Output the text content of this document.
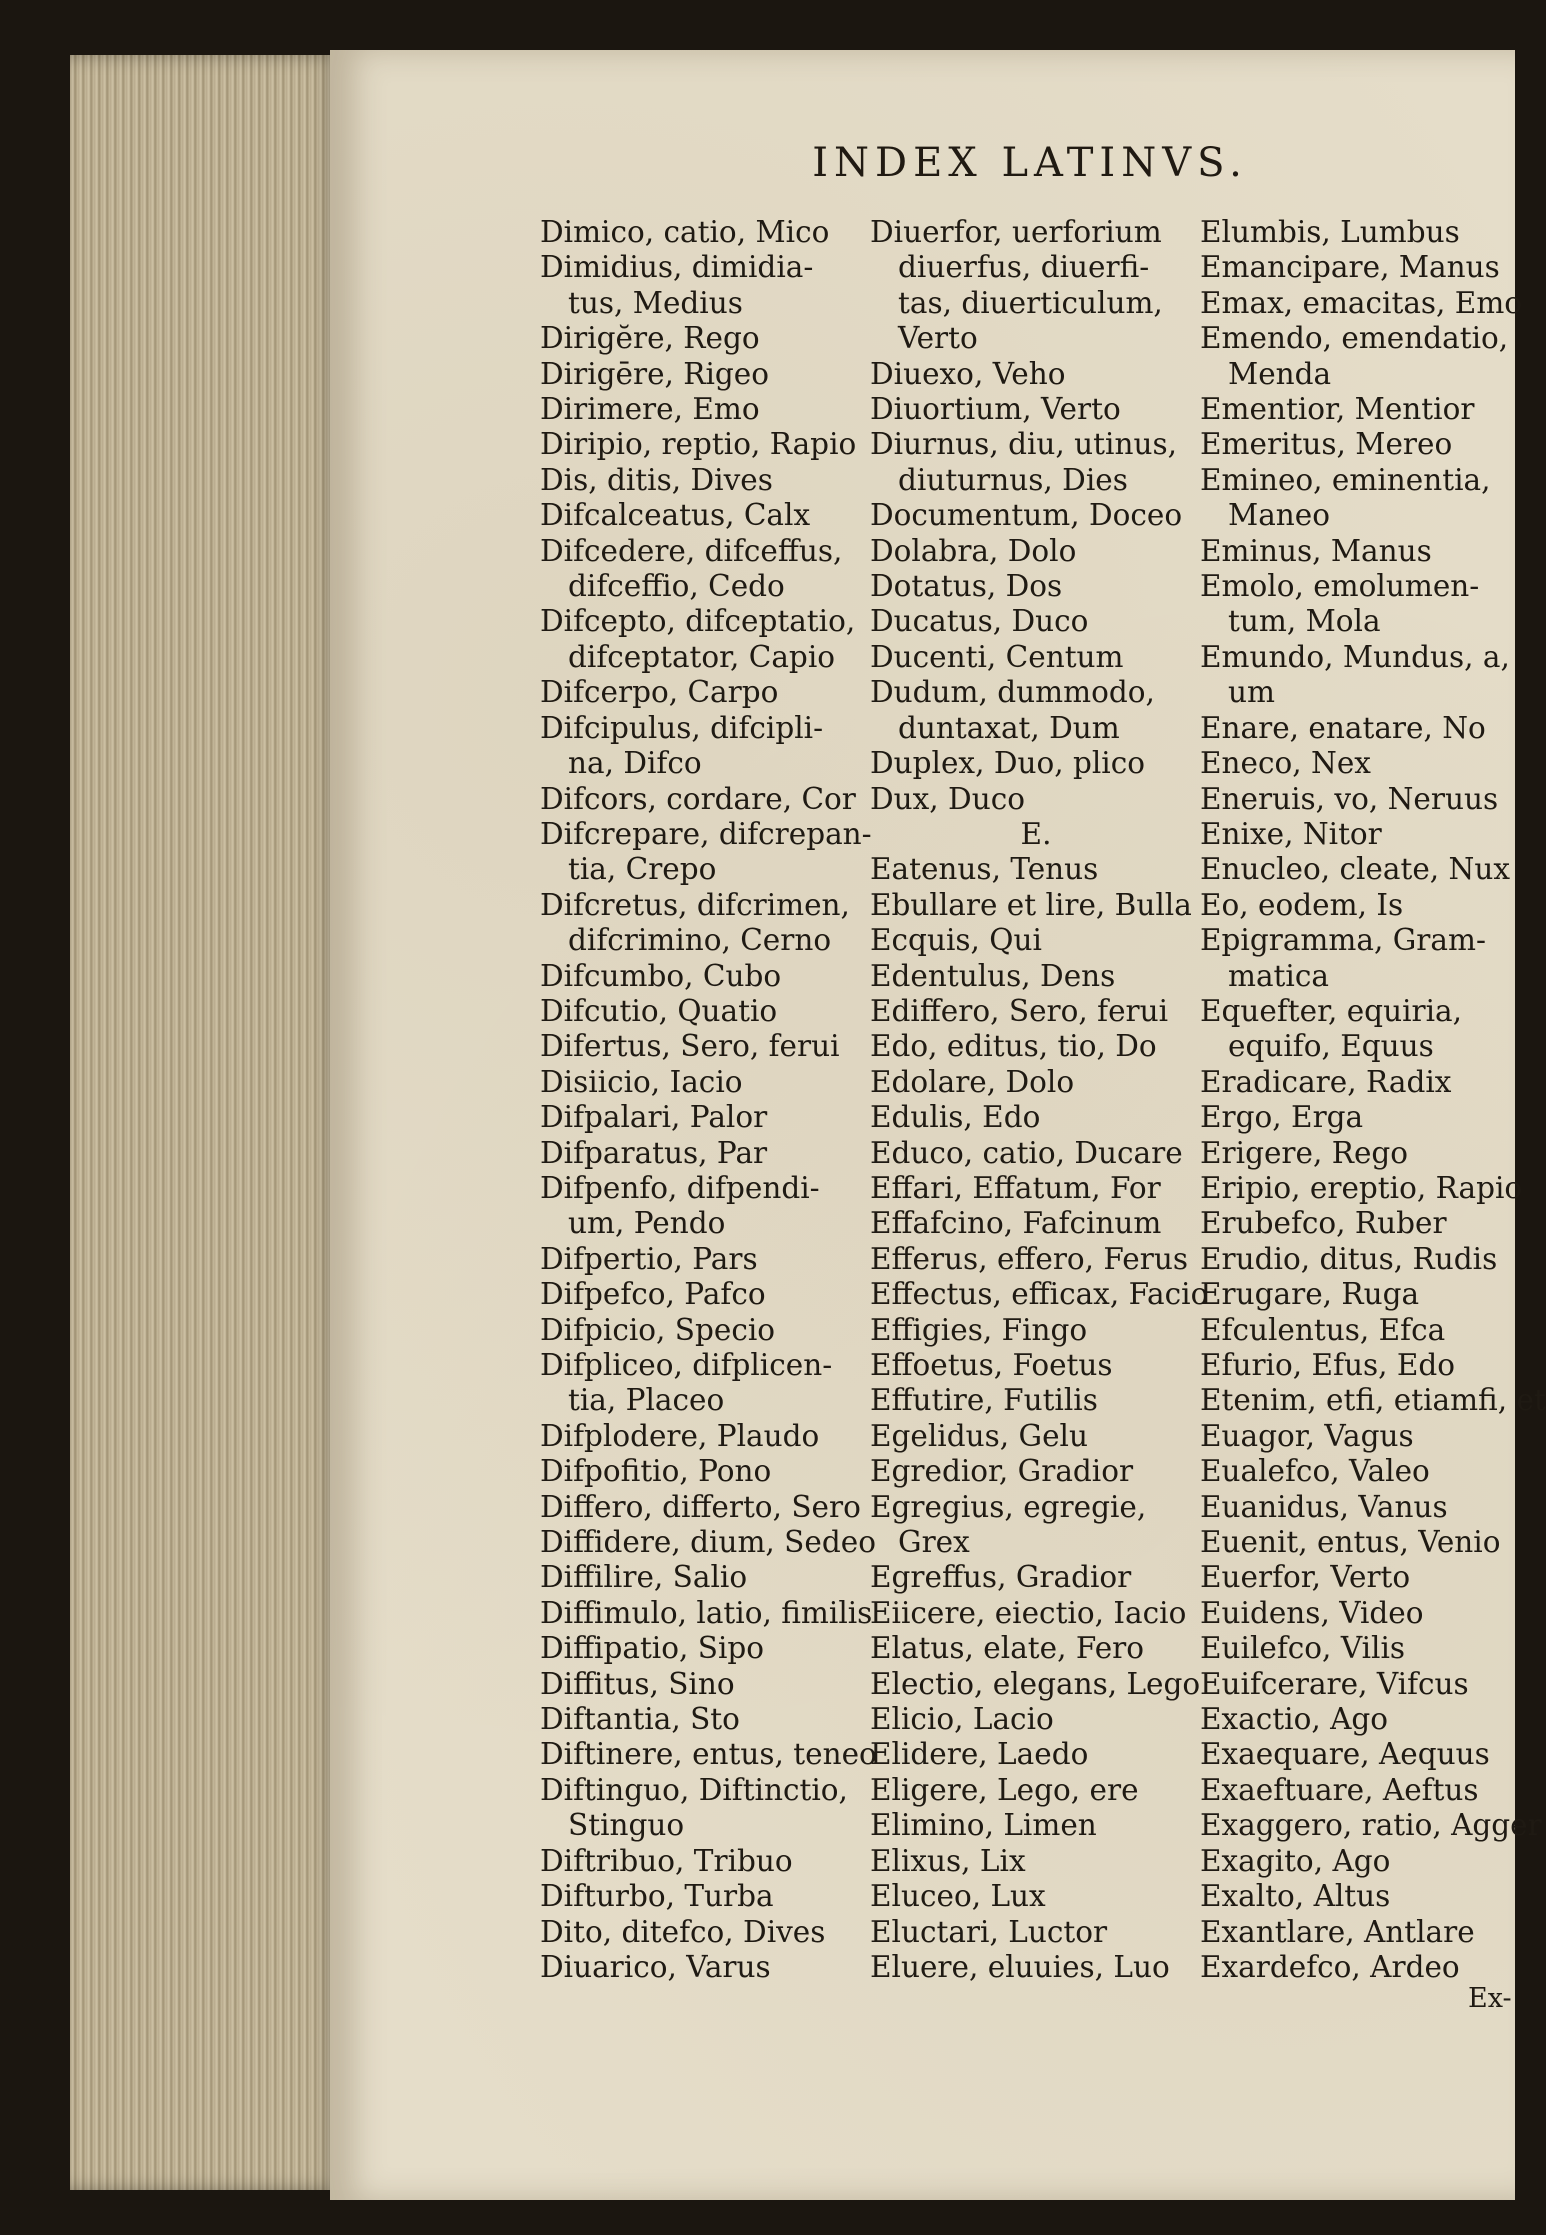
INDEX LATINVS.
Dimico, catio, Mico
Dimidius, dimidia-
tus, Medius
Dirigĕre, Rego
Dirigēre, Rigeo
Dirimere, Emo
Diripio, reptio, Rapio
Dis, ditis, Dives
Difcalceatus, Calx
Difcedere, difceffus,
difceffio, Cedo
Difcepto, difceptatio,
difceptator, Capio
Difcerpo, Carpo
Difcipulus, difcipli-
na, Difco
Difcors, cordare, Cor
Difcrepare, difcrepan-
tia, Crepo
Difcretus, difcrimen,
difcrimino, Cerno
Difcumbo, Cubo
Difcutio, Quatio
Difertus, Sero, ferui
Disiicio, Iacio
Difpalari, Palor
Difparatus, Par
Difpenfo, difpendi-
um, Pendo
Difpertio, Pars
Difpefco, Pafco
Difpicio, Specio
Difpliceo, difplicen-
tia, Placeo
Difplodere, Plaudo
Difpofitio, Pono
Differo, differto, Sero
Diffidere, dium, Sedeo
Diffilire, Salio
Diffimulo, latio, fimilis
Diffipatio, Sipo
Diffitus, Sino
Diftantia, Sto
Diftinere, entus, teneo
Diftinguo, Diftinctio,
Stinguo
Diftribuo, Tribuo
Difturbo, Turba
Dito, ditefco, Dives
Diuarico, Varus
Diuerfor, uerforium
diuerfus, diuerfi-
tas, diuerticulum,
Verto
Diuexo, Veho
Diuortium, Verto
Diurnus, diu, utinus,
diuturnus, Dies
Documentum, Doceo
Dolabra, Dolo
Dotatus, Dos
Ducatus, Duco
Ducenti, Centum
Dudum, dummodo,
duntaxat, Dum
Duplex, Duo, plico
Dux, Duco
E.
Eatenus, Tenus
Ebullare et lire, Bulla
Ecquis, Qui
Edentulus, Dens
Ediffero, Sero, ferui
Edo, editus, tio, Do
Edolare, Dolo
Edulis, Edo
Educo, catio, Ducare
Effari, Effatum, For
Effafcino, Fafcinum
Efferus, effero, Ferus
Effectus, efficax, Facio
Effigies, Fingo
Effoetus, Foetus
Effutire, Futilis
Egelidus, Gelu
Egredior, Gradior
Egregius, egregie,
Grex
Egreffus, Gradior
Eiicere, eiectio, Iacio
Elatus, elate, Fero
Electio, elegans, Lego
Elicio, Lacio
Elidere, Laedo
Eligere, Lego, ere
Elimino, Limen
Elixus, Lix
Eluceo, Lux
Eluctari, Luctor
Eluere, eluuies, Luo
Elumbis, Lumbus
Emancipare, Manus
Emax, emacitas, Emo
Emendo, emendatio,
Menda
Ementior, Mentior
Emeritus, Mereo
Emineo, eminentia,
Maneo
Eminus, Manus
Emolo, emolumen-
tum, Mola
Emundo, Mundus, a,
um
Enare, enatare, No
Eneco, Nex
Eneruis, vo, Neruus
Enixe, Nitor
Enucleo, cleate, Nux
Eo, eodem, Is
Epigramma, Gram-
matica
Equefter, equiria,
equifo, Equus
Eradicare, Radix
Ergo, Erga
Erigere, Rego
Eripio, ereptio, Rapio
Erubefco, Ruber
Erudio, ditus, Rudis
Erugare, Ruga
Efculentus, Efca
Efurio, Efus, Edo
Etenim, etfi, etiamfi, et
Euagor, Vagus
Eualefco, Valeo
Euanidus, Vanus
Euenit, entus, Venio
Euerfor, Verto
Euidens, Video
Euilefco, Vilis
Euifcerare, Vifcus
Exactio, Ago
Exaequare, Aequus
Exaeftuare, Aeftus
Exaggero, ratio, Agger
Exagito, Ago
Exalto, Altus
Exantlare, Antlare
Exardefco, Ardeo
Ex-
